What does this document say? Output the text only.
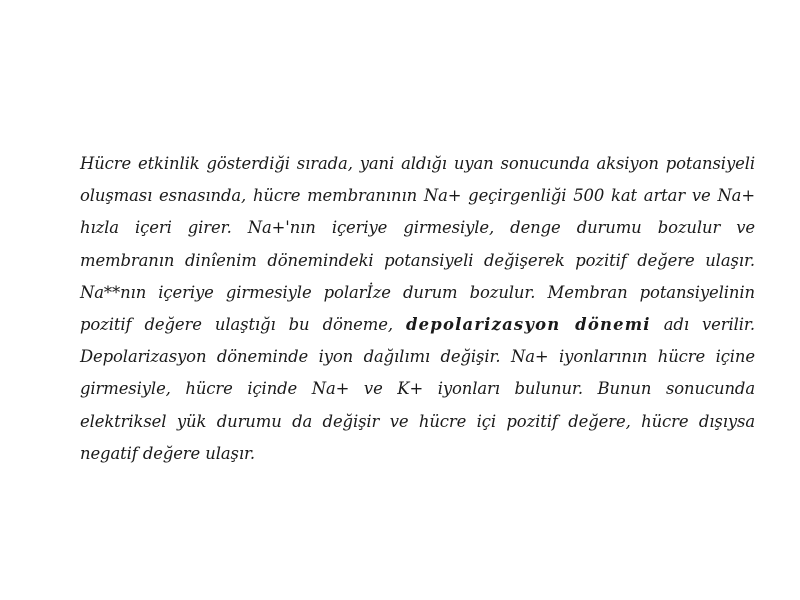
Hücre etkinlik gösterdiği sırada, yani aldığı uyan sonucunda aksiyon potansiyeli oluşması esnasında, hücre membranının Na+ geçirgenliği 500 kat artar ve Na+ hızla içeri girer. Na+'nın içeriye girmesiyle, denge durumu bozulur ve membranın dinîenim dönemindeki potansiyeli değişerek pozitif değere ulaşır. Na**nın içeriye girmesiyle polarİze durum bozulur. Membran potansiyelinin pozitif değere ulaştığı bu döneme, depolarizasyon dönemi adı verilir. Depolarizasyon döneminde iyon dağılımı değişir. Na+ iyonlarının hücre içine girmesiyle, hücre içinde Na+ ve K+ iyonları bulunur. Bunun sonucunda elektriksel yük durumu da değişir ve hücre içi pozitif değere, hücre dışıysa negatif değere ulaşır.
